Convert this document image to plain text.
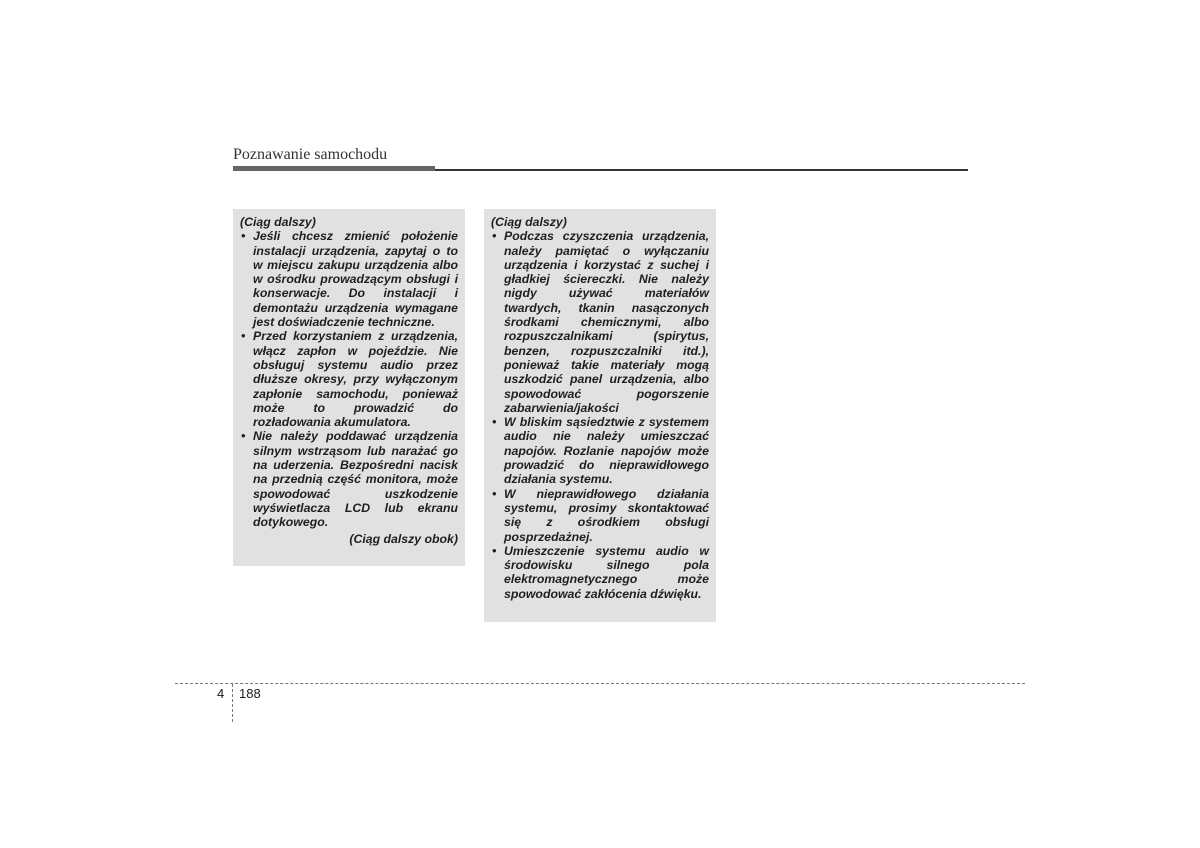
Poznawanie samochodu

(Ciąg dalszy)

• Jeśli chcesz zmienić położenie instalacji urządzenia, zapytaj o to w miejscu zakupu urządzenia albo w ośrodku prowadzącym obsługi i konserwacje. Do instalacji i demontażu urządzenia wymagane jest doświadczenie techniczne.
• Przed korzystaniem z urządzenia, włącz zapłon w pojeździe. Nie obsługuj systemu audio przez dłuższe okresy, przy wyłączonym zapłonie samochodu, ponieważ może to prowadzić do rozładowania akumulatora.
• Nie należy poddawać urządzenia silnym wstrząsom lub narażać go na uderzenia. Bezpośredni nacisk na przednią część monitora, może spowodować uszkodzenie wyświetlacza LCD lub ekranu dotykowego.
(Ciąg dalszy obok)

(Ciąg dalszy)

• Podczas czyszczenia urządzenia, należy pamiętać o wyłączaniu urządzenia i korzystać z suchej i gładkiej ściereczki. Nie należy nigdy używać materiałów twardych, tkanin nasączonych środkami chemicznymi, albo rozpuszczalnikami (spirytus, benzen, rozpuszczalniki itd.), ponieważ takie materiały mogą uszkodzić panel urządzenia, albo spowodować pogorszenie zabarwienia/jakości
• W bliskim sąsiedztwie z systemem audio nie należy umieszczać napojów. Rozlanie napojów może prowadzić do nieprawidłowego działania systemu.
• W nieprawidłowego działania systemu, prosimy skontaktować się z ośrodkiem obsługi posprzedażnej.
• Umieszczenie systemu audio w środowisku silnego pola elektromagnetycznego może spowodować zakłócenia dźwięku.
4 188
